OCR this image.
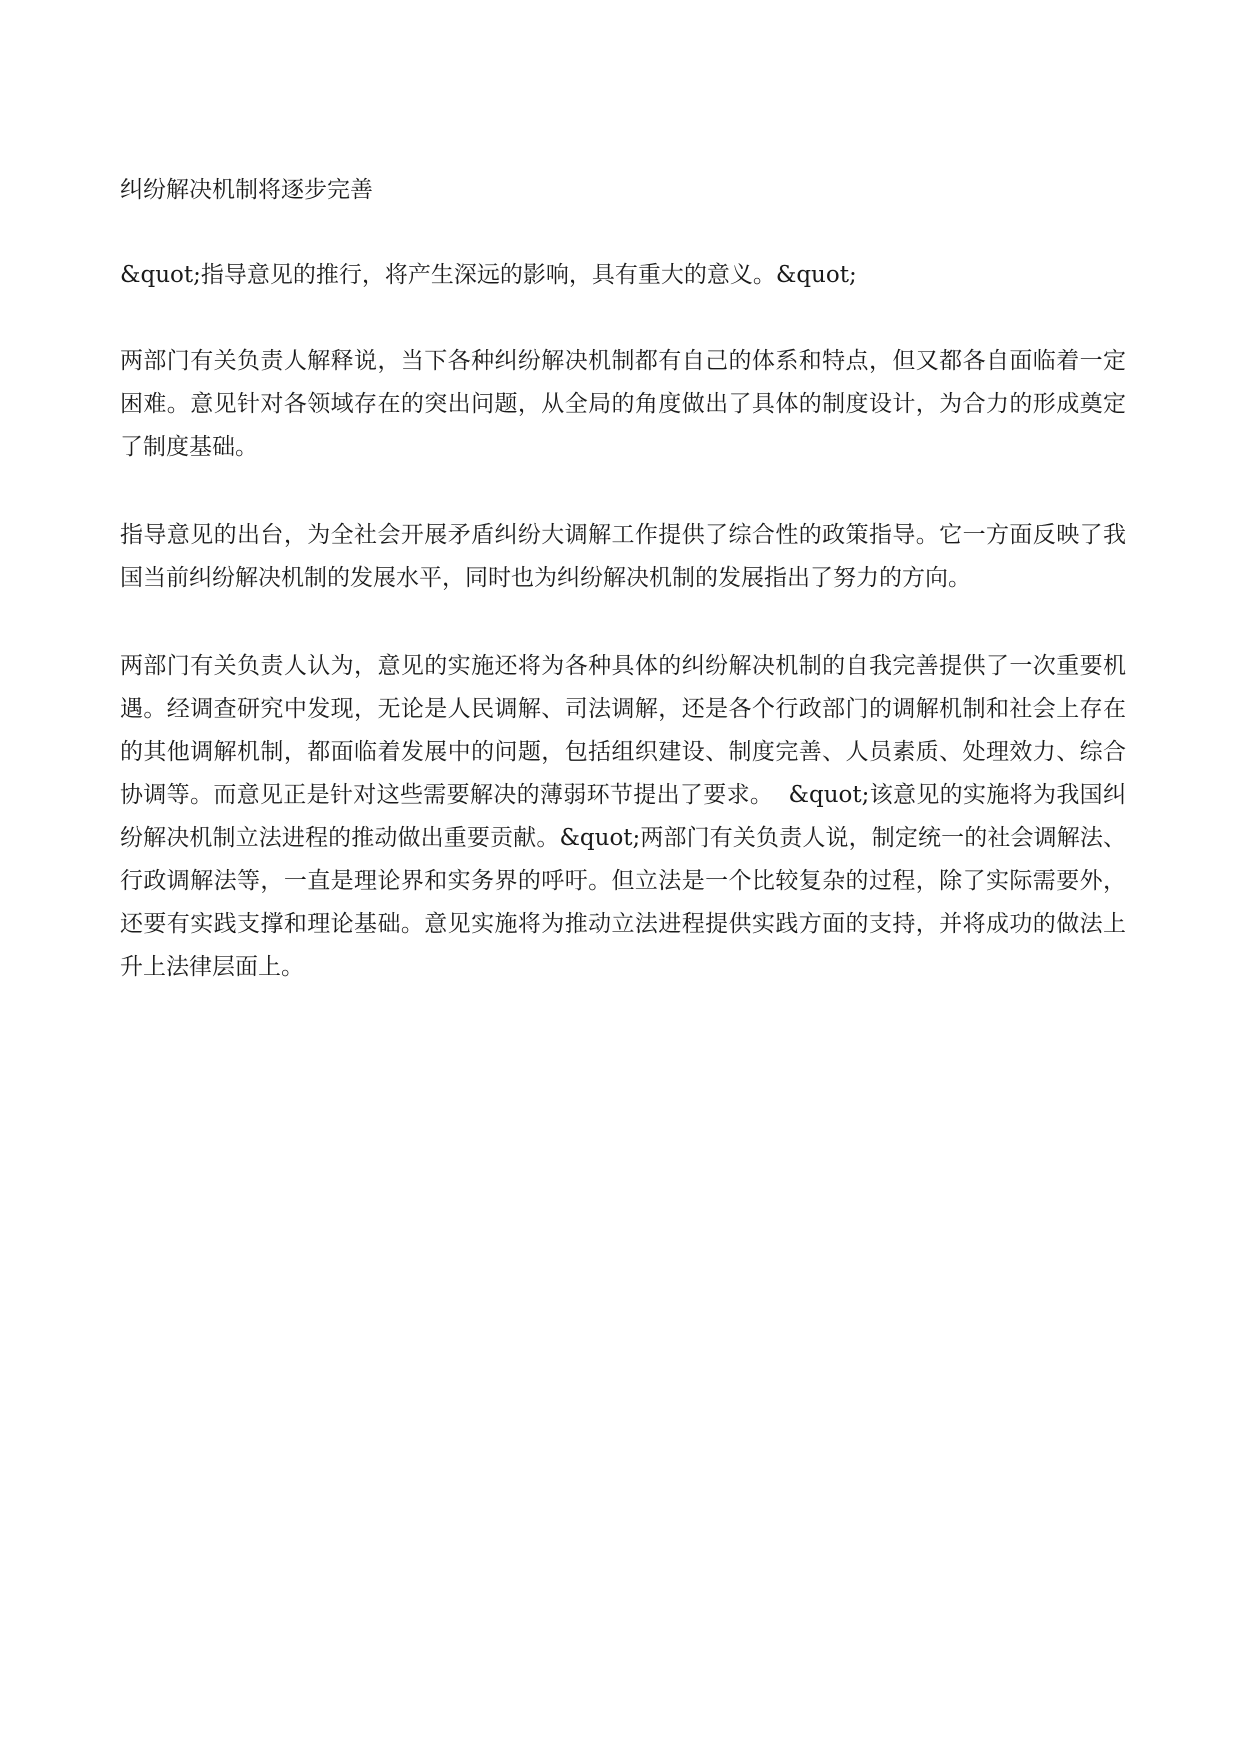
纠纷解决机制将逐步完善

&quot;指导意见的推行，将产生深远的影响，具有重大的意义。&quot;

两部门有关负责人解释说，当下各种纠纷解决机制都有自己的体系和特点，但又都各自面临着一定困难。意见针对各领域存在的突出问题，从全局的角度做出了具体的制度设计，为合力的形成奠定了制度基础。

指导意见的出台，为全社会开展矛盾纠纷大调解工作提供了综合性的政策指导。它一方面反映了我国当前纠纷解决机制的发展水平，同时也为纠纷解决机制的发展指出了努力的方向。

两部门有关负责人认为，意见的实施还将为各种具体的纠纷解决机制的自我完善提供了一次重要机遇。经调查研究中发现，无论是人民调解、司法调解，还是各个行政部门的调解机制和社会上存在的其他调解机制，都面临着发展中的问题，包括组织建设、制度完善、人员素质、处理效力、综合协调等。而意见正是针对这些需要解决的薄弱环节提出了要求。  &quot;该意见的实施将为我国纠纷解决机制立法进程的推动做出重要贡献。&quot;两部门有关负责人说，制定统一的社会调解法、行政调解法等，一直是理论界和实务界的呼吁。但立法是一个比较复杂的过程，除了实际需要外，还要有实践支撑和理论基础。意见实施将为推动立法进程提供实践方面的支持，并将成功的做法上升上法律层面上。
